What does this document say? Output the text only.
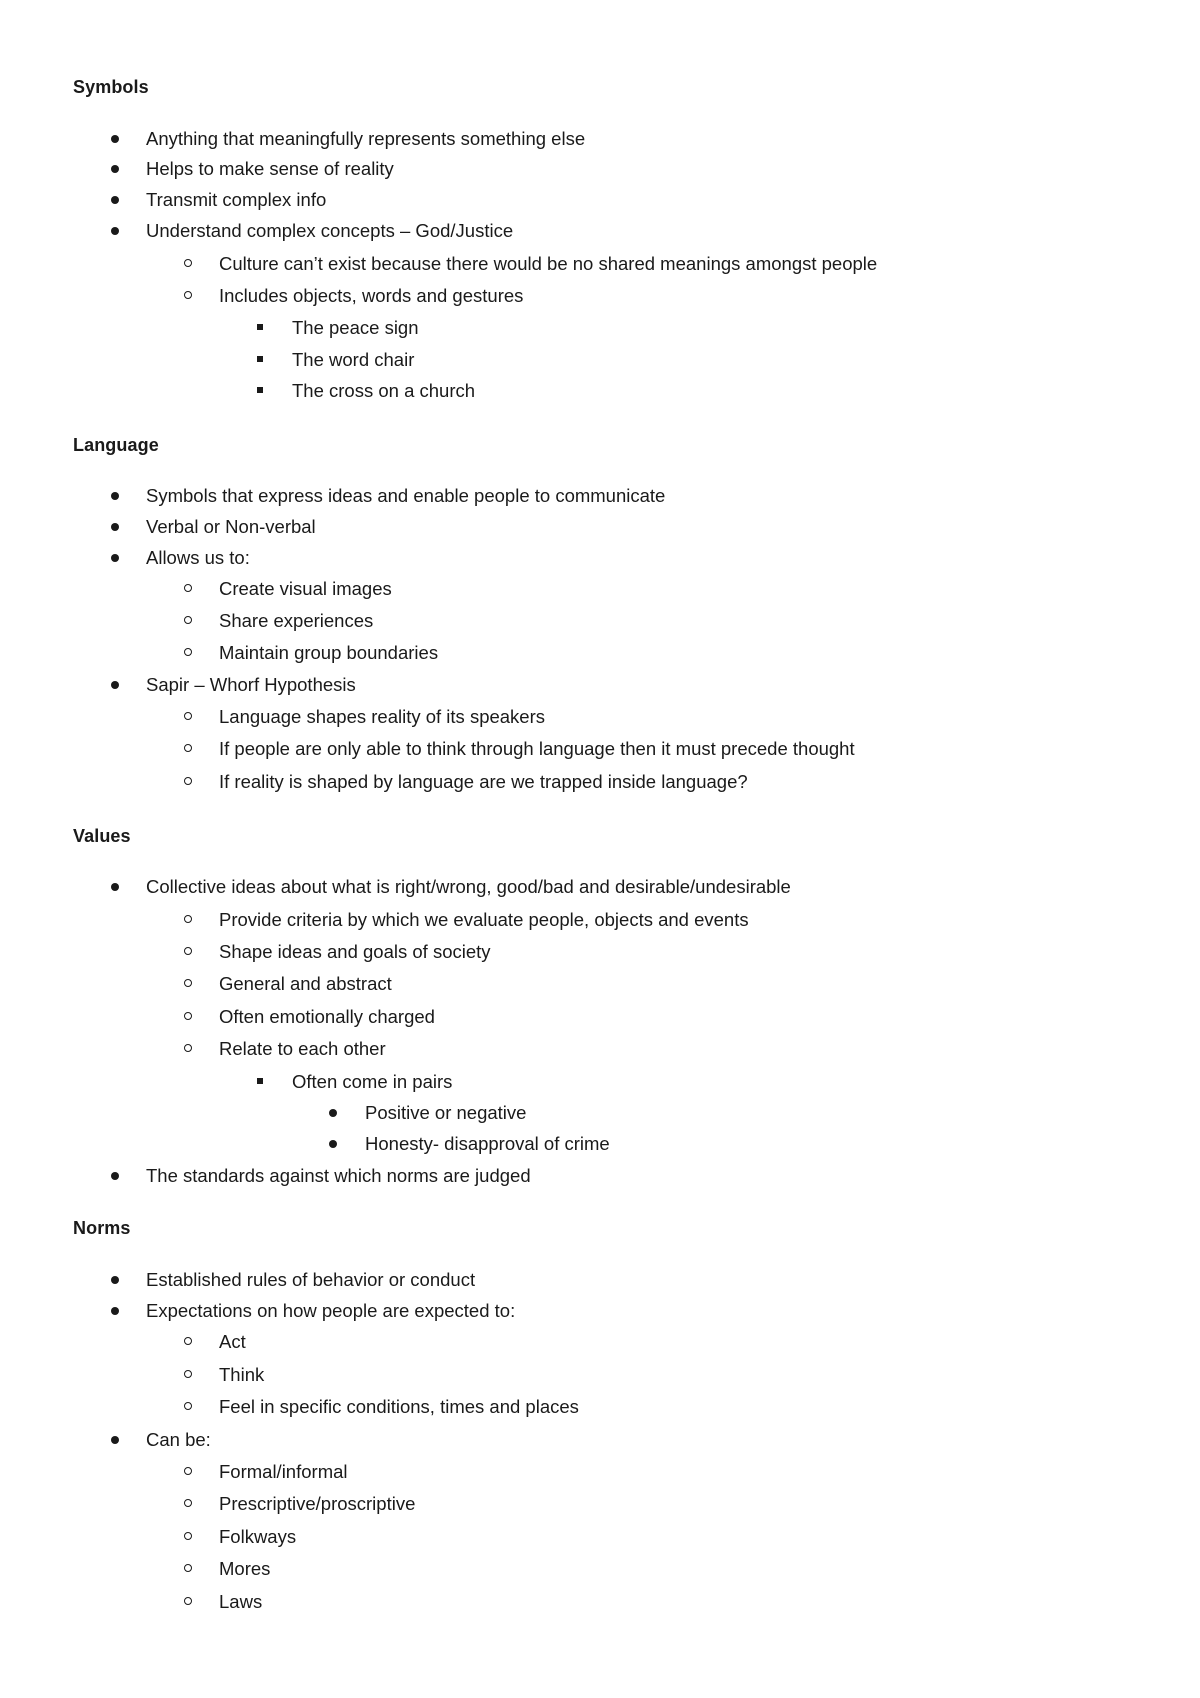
Symbols
Anything that meaningfully represents something else
Helps to make sense of reality
Transmit complex info
Understand complex concepts – God/Justice
Culture can’t exist because there would be no shared meanings amongst people
Includes objects, words and gestures
The peace sign
The word chair
The cross on a church
Language
Symbols that express ideas and enable people to communicate
Verbal or Non-verbal
Allows us to:
Create visual images
Share experiences
Maintain group boundaries
Sapir – Whorf Hypothesis
Language shapes reality of its speakers
If people are only able to think through language then it must precede thought
If reality is shaped by language are we trapped inside language?
Values
Collective ideas about what is right/wrong, good/bad and desirable/undesirable
Provide criteria by which we evaluate people, objects and events
Shape ideas and goals of society
General and abstract
Often emotionally charged
Relate to each other
Often come in pairs
Positive or negative
Honesty- disapproval of crime
The standards against which norms are judged
Norms
Established rules of behavior or conduct
Expectations on how people are expected to:
Act
Think
Feel in specific conditions, times and places
Can be:
Formal/informal
Prescriptive/proscriptive
Folkways
Mores
Laws
